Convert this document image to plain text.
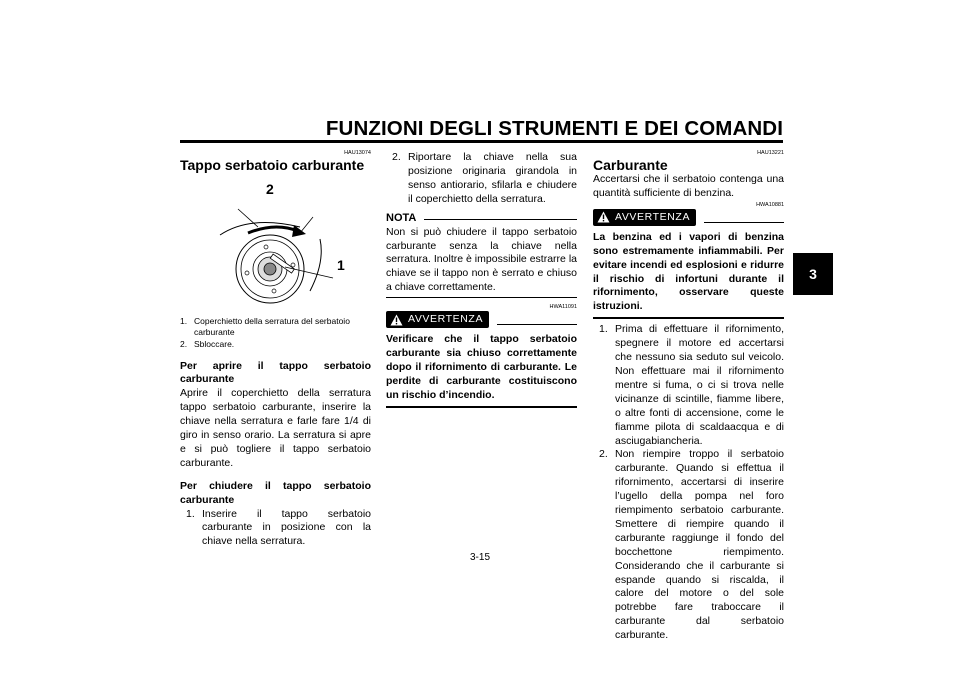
FUNZIONI DEGLI STRUMENTI E DEI COMANDI
3
HAU13074
Tappo serbatoio carburante
2
1
1. Coperchietto della serratura del serbatoio carburante
2. Sbloccare.

Per aprire il tappo serbatoio carburante

Aprire il coperchietto della serratura tappo serbatoio carburante, inserire la chiave nella serratura e farle fare 1/4 di giro in senso orario. La serratura si apre e si può togliere il tappo serbatoio carburante.

Per chiudere il tappo serbatoio carburante

1. Inserire il tappo serbatoio carburante in posizione con la chiave nella serratura.
2. Riportare la chiave nella sua posizione originaria girandola in senso antiorario, sfilarla e chiudere il coperchietto della serratura.
NOTA
Non si può chiudere il tappo serbatoio carburante senza la chiave nella serratura. Inoltre è impossibile estrarre la chiave se il tappo non è serrato e chiuso a chiave correttamente.
HWA11091
AVVERTENZA
Verificare che il tappo serbatoio carburante sia chiuso correttamente dopo il rifornimento di carburante. Le perdite di carburante costituiscono un rischio d’incendio.
HAU13221
Carburante
Accertarsi che il serbatoio contenga una quantità sufficiente di benzina.
HWA10881
AVVERTENZA
La benzina ed i vapori di benzina sono estremamente infiammabili. Per evitare incendi ed esplosioni e ridurre il rischio di infortuni durante il rifornimento, osservare queste istruzioni.
1. Prima di effettuare il rifornimento, spegnere il motore ed accertarsi che nessuno sia seduto sul veicolo. Non effettuare mai il rifornimento mentre si fuma, o ci si trova nelle vicinanze di scintille, fiamme libere, o altre fonti di accensione, come le fiamme pilota di scaldaacqua e di asciugabiancheria.
2. Non riempire troppo il serbatoio carburante. Quando si effettua il rifornimento, accertarsi di inserire l’ugello della pompa nel foro riempimento serbatoio carburante. Smettere di riempire quando il carburante raggiunge il fondo del bocchettone riempimento. Considerando che il carburante si espande quando si riscalda, il calore del motore o del sole potrebbe fare traboccare il carburante dal serbatoio carburante.
3-15
